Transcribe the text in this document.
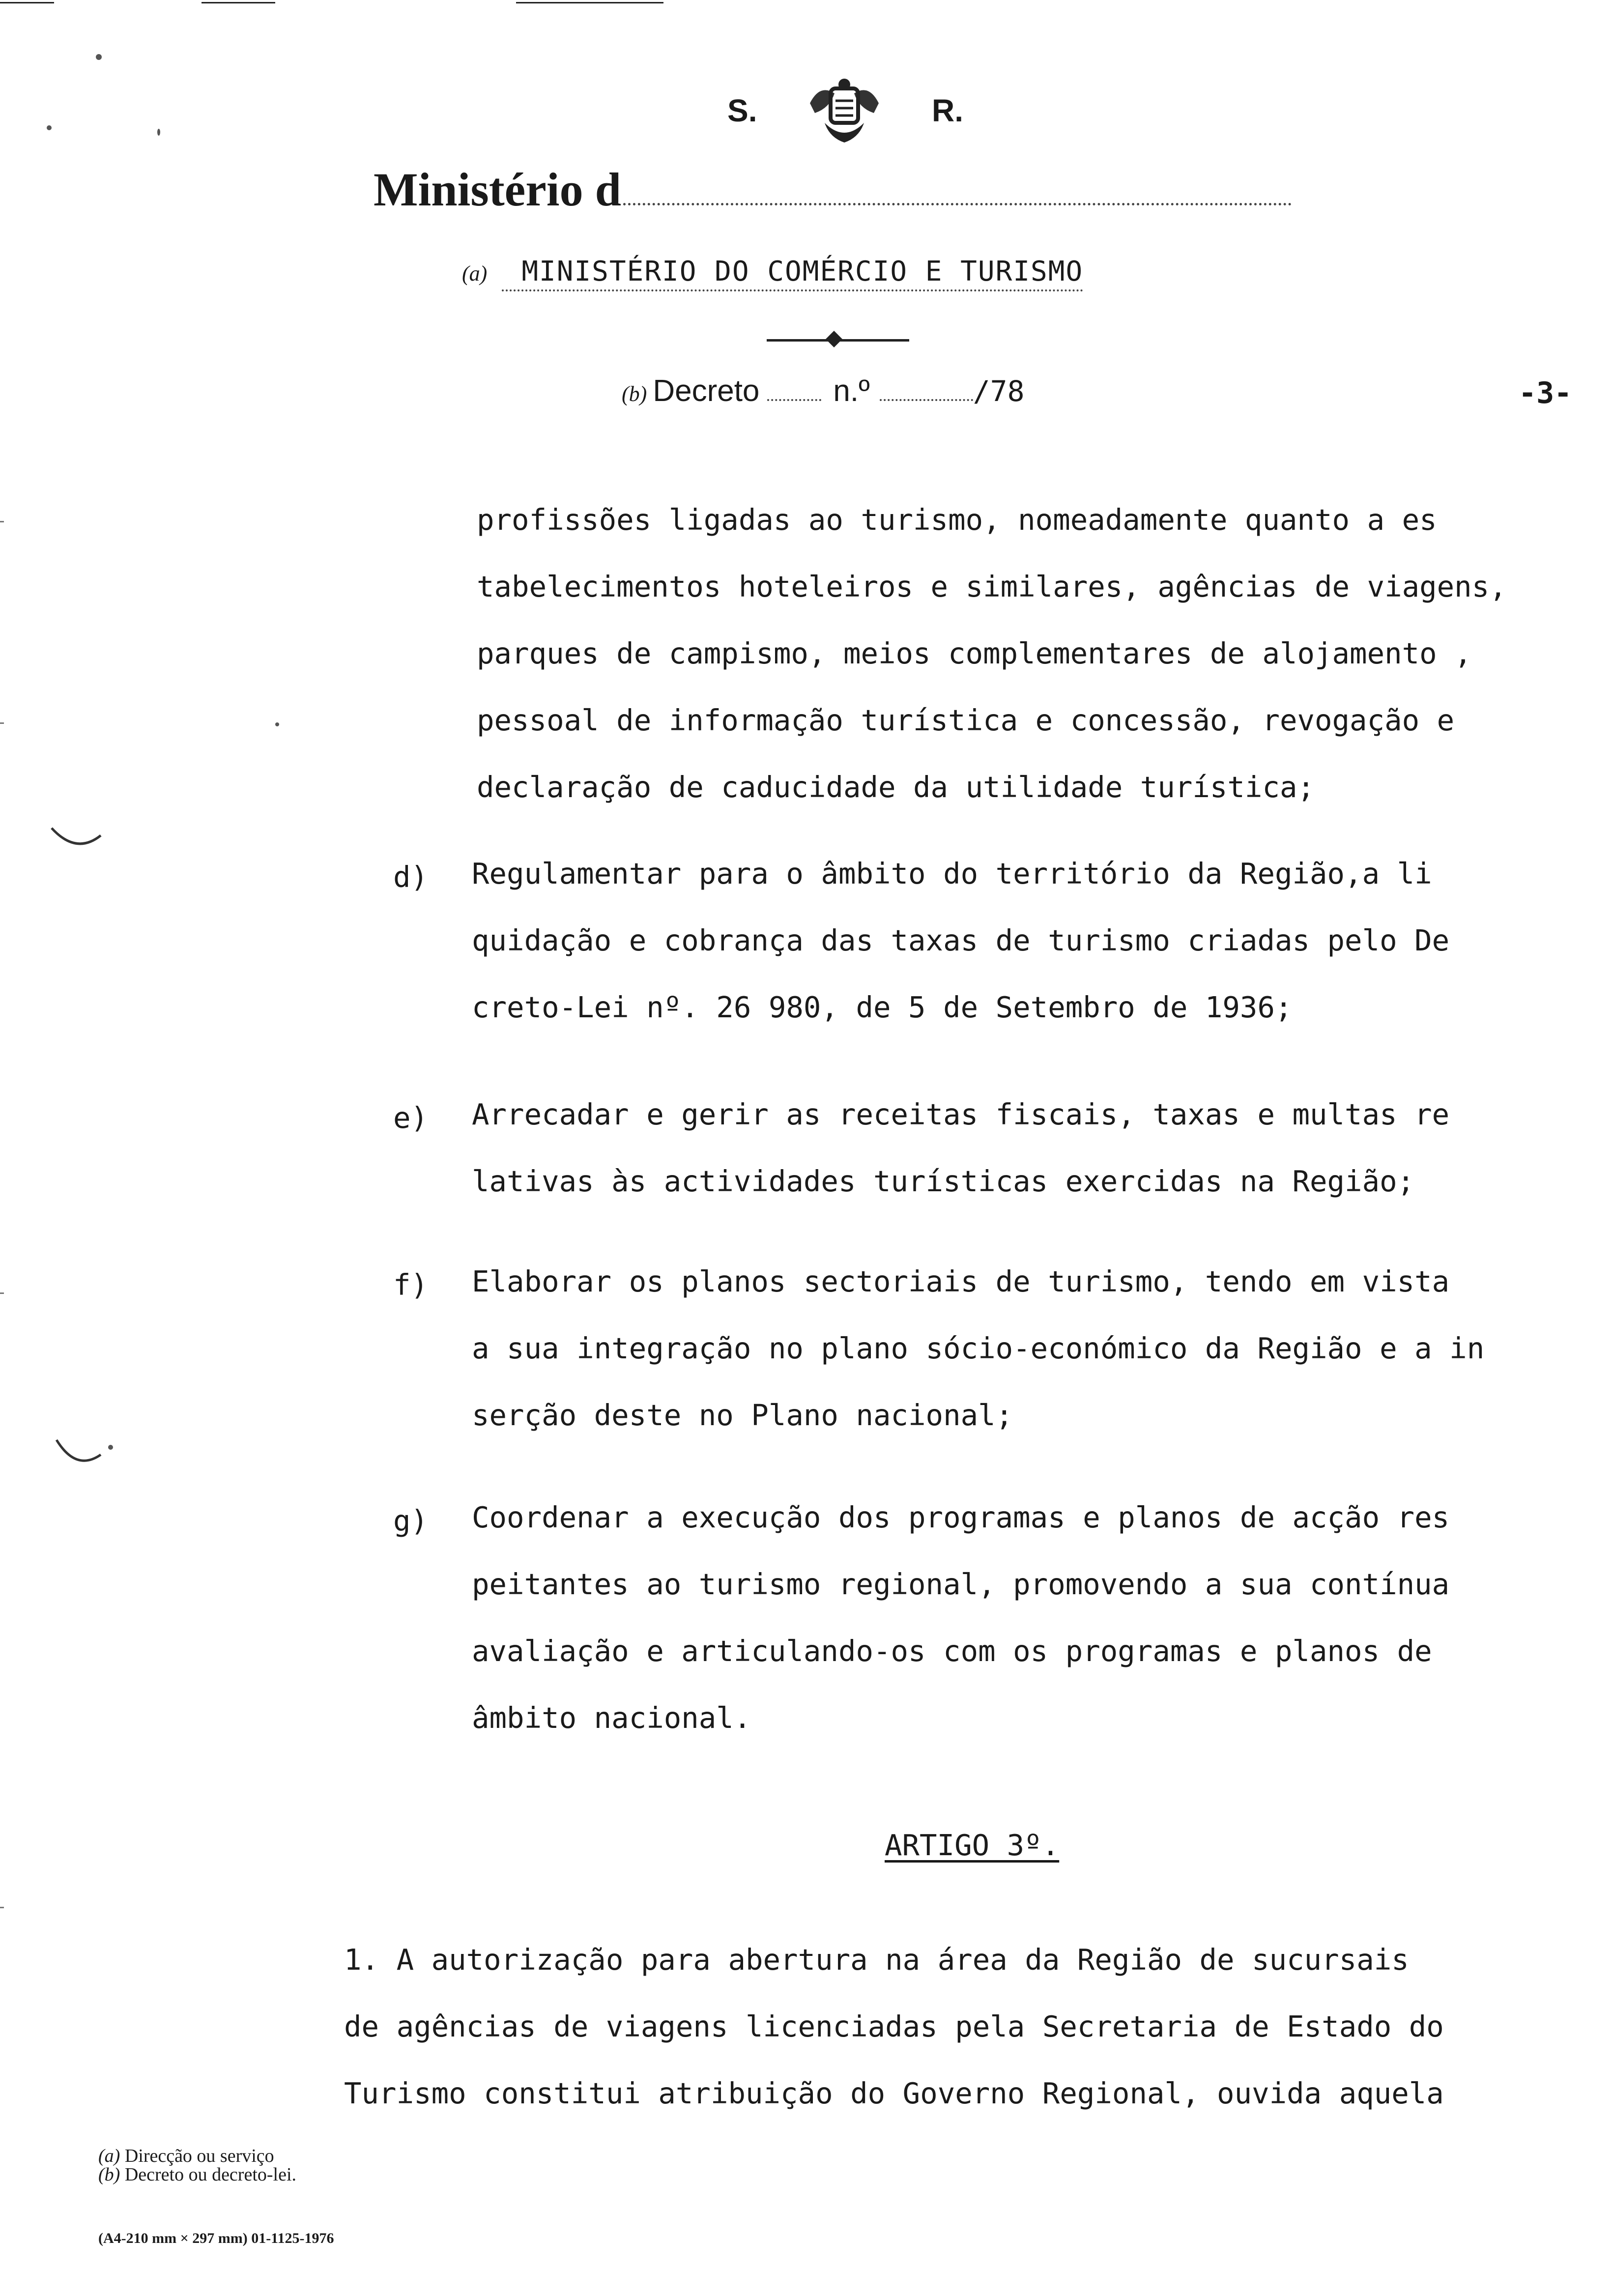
S.	R.
Ministério d
(a)	MINISTÉRIO DO COMÉRCIO E TURISMO
(b) Decreto n.º	/78	-3-
profissões ligadas ao turismo, nomeadamente quanto a es
tabelecimentos hoteleiros e similares, agências de viagens,
parques de campismo, meios complementares de alojamento ,
pessoal de informação turística e concessão, revogação e
declaração de caducidade da utilidade turística;
d) Regulamentar para o âmbito do território da Região,a li
quidação e cobrança das taxas de turismo criadas pelo De
creto-Lei nº. 26 980, de 5 de Setembro de 1936;
e) Arrecadar e gerir as receitas fiscais, taxas e multas re
lativas às actividades turísticas exercidas na Região;
f) Elaborar os planos sectoriais de turismo, tendo em vista
a sua integração no plano sócio-económico da Região e a in
serção deste no Plano nacional;
g) Coordenar a execução dos programas e planos de acção res
peitantes ao turismo regional, promovendo a sua contínua
avaliação e articulando-os com os programas e planos de
âmbito nacional.
ARTIGO 3º.
1. A autorização para abertura na área da Região de sucursais
de agências de viagens licenciadas pela Secretaria de Estado do
Turismo constitui atribuição do Governo Regional, ouvida aquela
(a) Direcção ou serviço
(b) Decreto ou decreto-lei.
(A4-210 mm × 297 mm) 01-1125-1976
